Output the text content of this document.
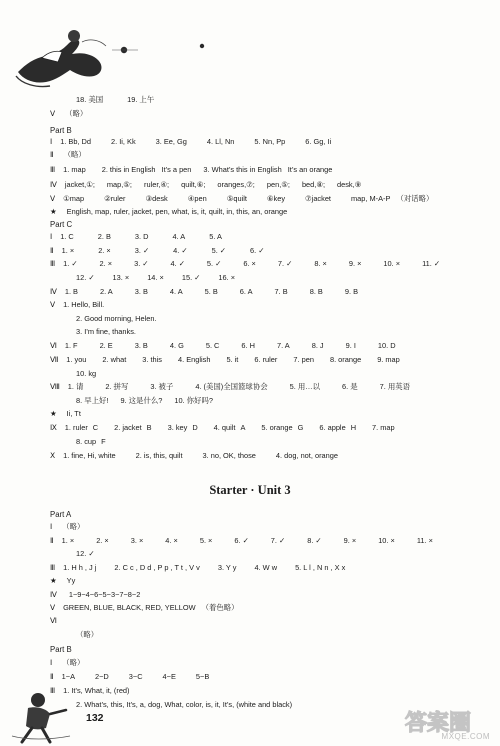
18. 美国	19. 上午
Ⅴ （略）
Part B
Ⅰ 1. Bb, Dd	2. Ii, Kk	3. Ee, Gg	4. Ll, Nn	5. Nn, Pp	6. Gg, Ii
Ⅱ （略）
Ⅲ 1. map 2. this in English It’s a pen 3. What’s this in English It’s an orange
Ⅳ jacket,①; map,⑤; ruler,④; quilt,⑥; oranges,⑦; pen,⑤; bed,⑧; desk,⑨
Ⅴ ①map	②ruler	③desk	④pen	⑤quilt	⑥key	⑦jacket	map, M-A-P （对话略）
★ English, map, ruler, jacket, pen, what, is, it, quilt, in, this, an, orange
Part C
Ⅰ 1. C	2. B	3. D	4. A	5. A
Ⅱ 1. ×	2. ×	3. ✓	4. ✓	5. ✓	6. ✓
Ⅲ 1. ✓	2. ×	3. ✓	4. ✓	5. ✓	6. ×	7. ✓	8. ×	9. ×	10. ×	11. ✓
12. ✓ 13. × 14. × 15. ✓ 16. ×
Ⅳ 1. B	2. A	3. B	4. A	5. B	6. A	7. B	8. B	9. B
Ⅴ 1. Hello, Bill.
2. Good morning, Helen.
3. I’m fine, thanks.
Ⅵ 1. F	2. E	3. B	4. G	5. C	6. H	7. A	8. J	9. I	10. D
Ⅶ 1. you 2. what 3. this 4. English 5. it 6. ruler 7. pen 8. orange 9. map
10. kg
Ⅷ 1. 请	2. 拼写	3. 被子	4. (美国)全国篮球协会	5. 用…以	6. 是	7. 用英语
8. 早上好! 9. 这是什么? 10. 你好吗?
★ Ii, Tt
Ⅸ 1. ruler C 2. jacket B 3. key D 4. quilt A 5. orange G 6. apple H 7. map
8. cup F
Ⅹ 1. fine, Hi, white	2. is, this, quilt	3. no, OK, those	4. dog, not, orange
Starter · Unit 3
Part A
Ⅰ （略）
Ⅱ 1. ×	2. ×	3. ×	4. ×	5. ×	6. ✓	7. ✓	8. ✓	9. ×	10. ×	11. ×
12. ✓
Ⅲ 1. H h , J j 2. C c , D d , P p , T t , V v 3. Y y 4. W w 5. L l , N n , X x
★ Yy
Ⅳ 1−9−4−6−5−3−7−8−2
Ⅴ GREEN, BLUE, BLACK, RED, YELLOW （着色略）
Ⅵ
（略）
Part B
Ⅰ （略）
Ⅱ 1−A	2−D	3−C	4−E	5−B
Ⅲ 1. It’s, What, it, (red)
2. What’s, this, It’s, a, dog, What, color, is, it, It’s, (white and black)
132	答案圈
MXQE.COM
